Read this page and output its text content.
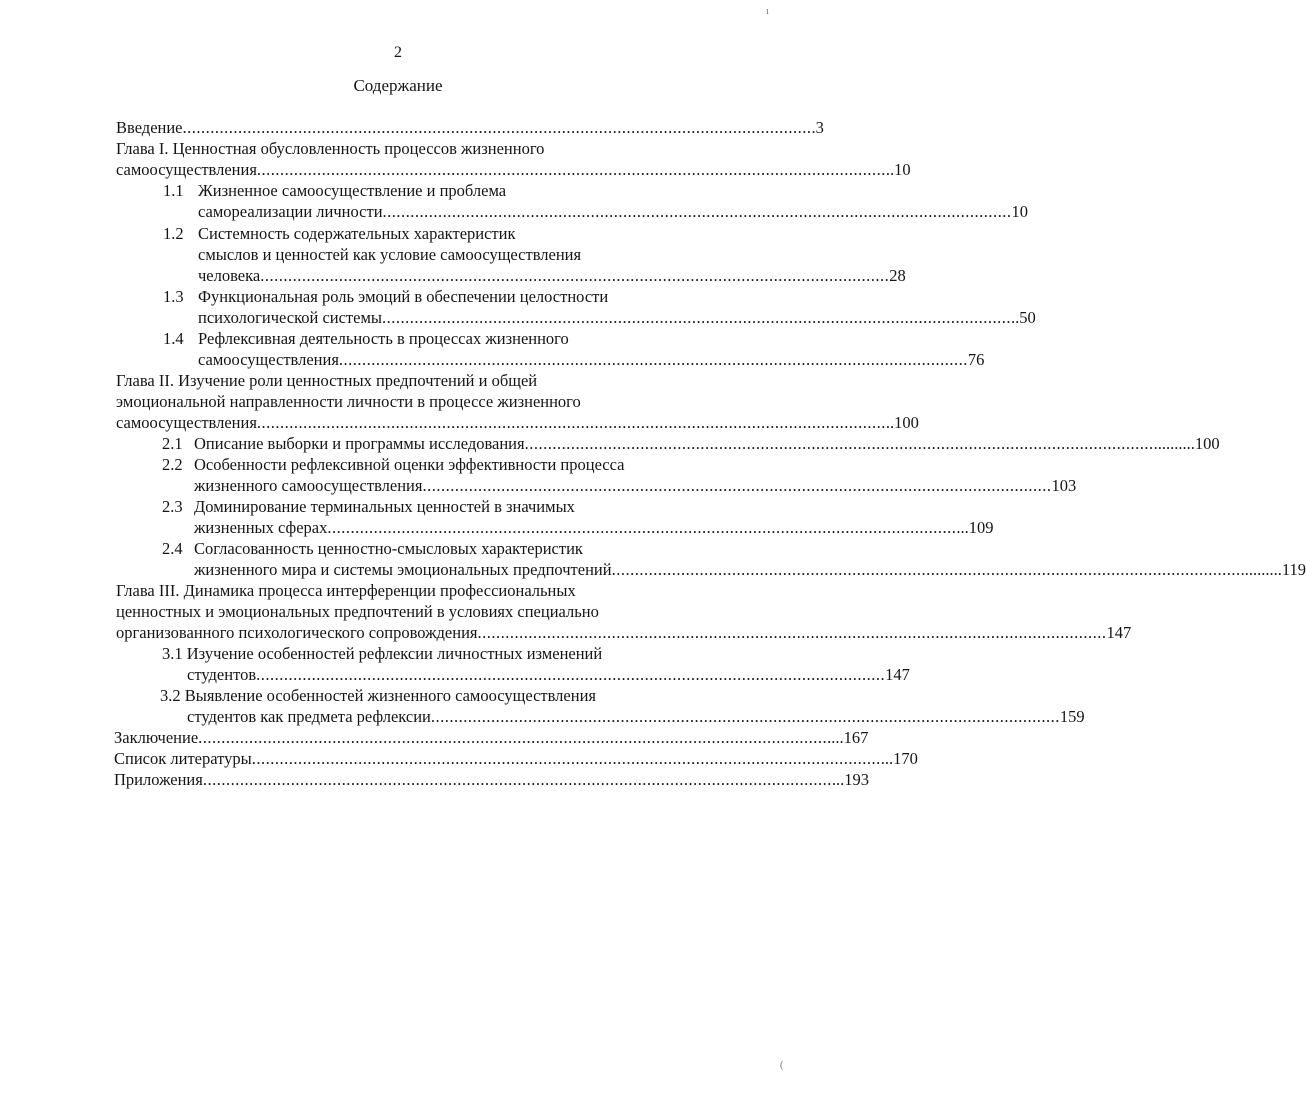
2
Содержание
ı
Введение ........................................................................................................................................ .3
Глава I. Ценностная обусловленность процессов жизненного
самоосуществления ........................................................................................................................................ ..10
1.1 Жизненное самоосуществление и проблема
самореализации личности ........................................................................................................................................ 10
1.2 Системность содержательных характеристик
смыслов и ценностей как условие самоосуществления
человека ........................................................................................................................................ 28
1.3 Функциональная роль эмоций в обеспечении целостности
психологической системы ........................................................................................................................................ ..50
1.4 Рефлексивная деятельность в процессах жизненного
самоосуществления ........................................................................................................................................ 76
Глава II. Изучение роли ценностных предпочтений и общей
эмоциональной направленности личности в процессе жизненного
самоосуществления ........................................................................................................................................ ..100
2.1 Описание выборки и программы исследования ........................................................................................................................................ ..........100
2.2 Особенности рефлексивной оценки эффективности процесса
жизненного самоосуществления ........................................................................................................................................ 103
2.3 Доминирование терминальных ценностей в значимых
жизненных сферах ........................................................................................................................................ ...109
2.4 Согласованность ценностно-смысловых характеристик
жизненного мира и системы эмоциональных предпочтений ........................................................................................................................................ ..........119
Глава III. Динамика процесса интерференции профессиональных
ценностных и эмоциональных предпочтений в условиях специально
организованного психологического сопровождения ........................................................................................................................................ 147
3.1 Изучение особенностей рефлексии личностных изменений
студентов ........................................................................................................................................ 147
3.2 Выявление особенностей жизненного самоосуществления
студентов как предмета рефлексии ........................................................................................................................................ 159
Заключение ........................................................................................................................................ ....167
Список литературы ........................................................................................................................................ ...170
Приложения ........................................................................................................................................ ...193
(
